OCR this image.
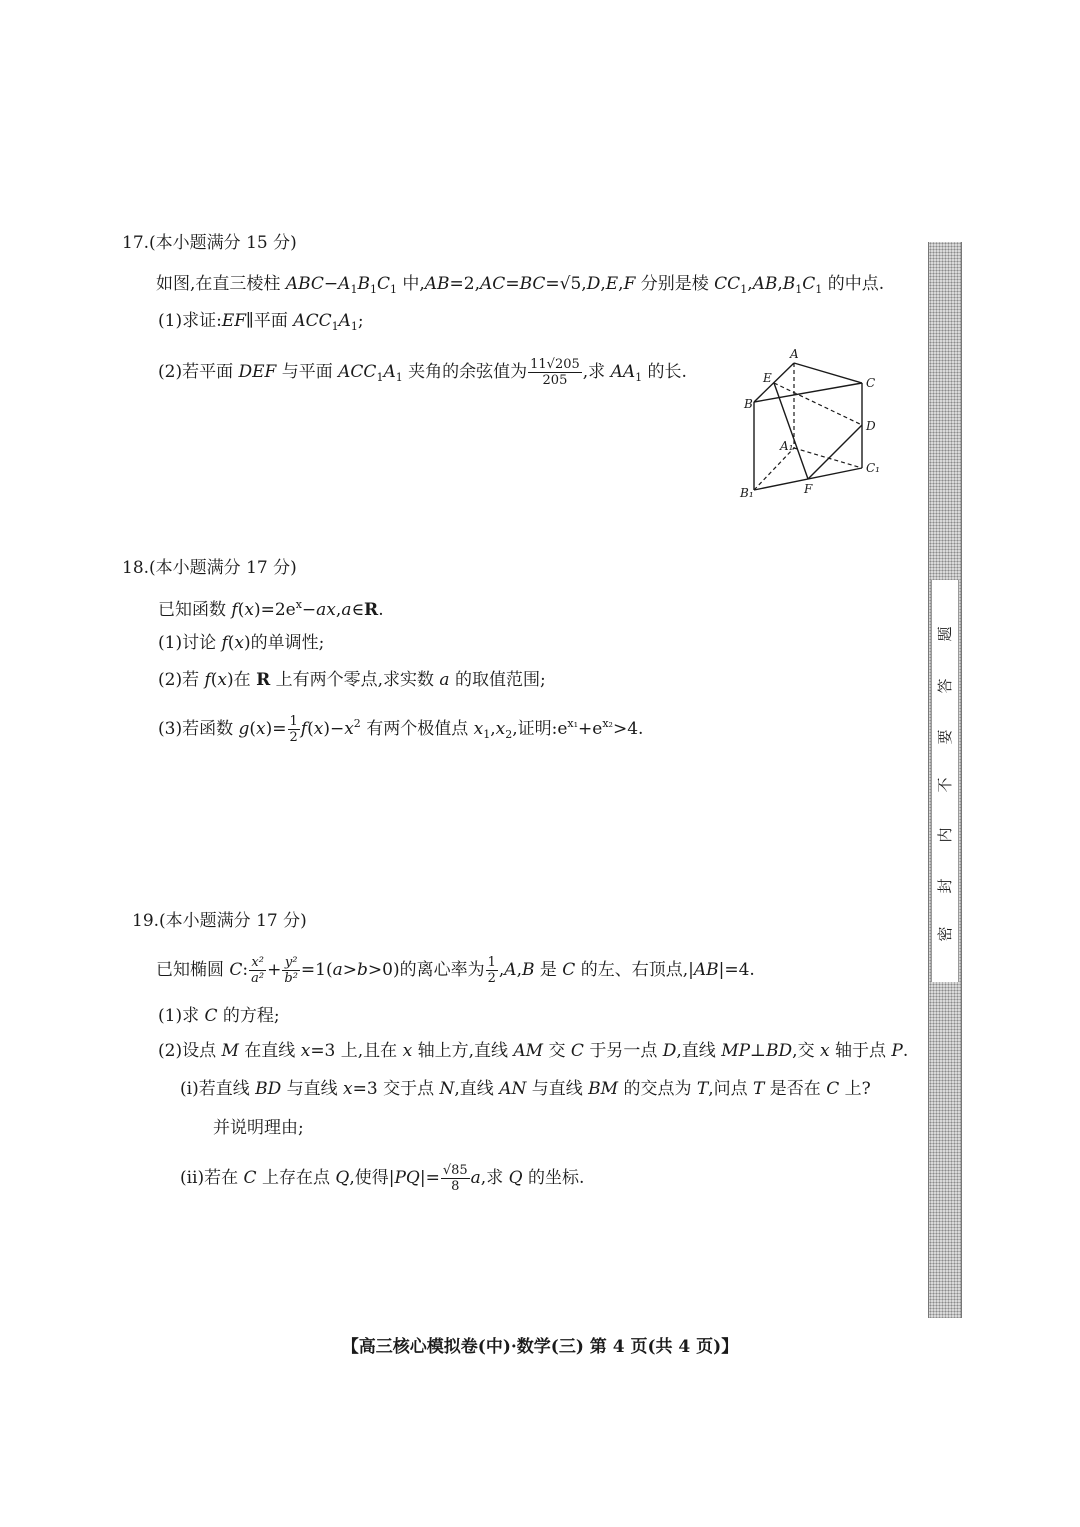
17.(本小题满分 15 分)
如图,在直三棱柱 $ABC-A_1B_1C_1$ 中,AB=2,AC=BC=√5,D,E,F 分别是棱 $CC_1,AB,B_1C_1$ 的中点.
(1)求证:EF∥平面 $ACC_1A_1$;
(2)若平面 DEF 与平面 $ACC_1A_1$ 夹角的余弦值为 $\frac{11√205}{205}$ ,求 $AA_1$ 的长.
A
E	C
B
D
A₁
C₁
B₁	F
18.(本小题满分 17 分)
已知函数 $f(x)=2e^x-ax,a\in R$.
(1)讨论 f(x)的单调性;
(2)若 f(x)在 R 上有两个零点,求实数 a 的取值范围;
(3)若函数 $g(x)= \frac{1}{2} f(x)-x^2$ 有两个极值点 $x_1,x_2$,证明$:e^{x_1}+e^{x_2}>4$.
19.(本小题满分 17 分)
已知椭圆 C: $\frac{\text{x²}}{\text{a²}} + \frac{\text{y²}}{\text{b²}} =1(a>b>0)$的离心率为 $\frac{1}{2} ,A,B$ 是 C 的左、右顶点,|AB|=4.
(1)求 C 的方程;
(2)设点 M 在直线 x=3 上,且在 x 轴上方,直线 AM 交 C 于另一点 D,直线 MP⊥BD,交 x 轴于点 P.
(ⅰ)若直线 BD 与直线 x=3 交于点 N,直线 AN 与直线 BM 的交点为 T,问点 T 是否在 C 上?
并说明理由;
(ⅱ)若在 C 上存在点 Q,使得$|PQ|= \frac{√85}{8} a$,求 Q 的坐标.
题
答
要
不
内
封
密
【高三核心模拟卷(中)·数学(三) 第 4 页(共 4 页)】
